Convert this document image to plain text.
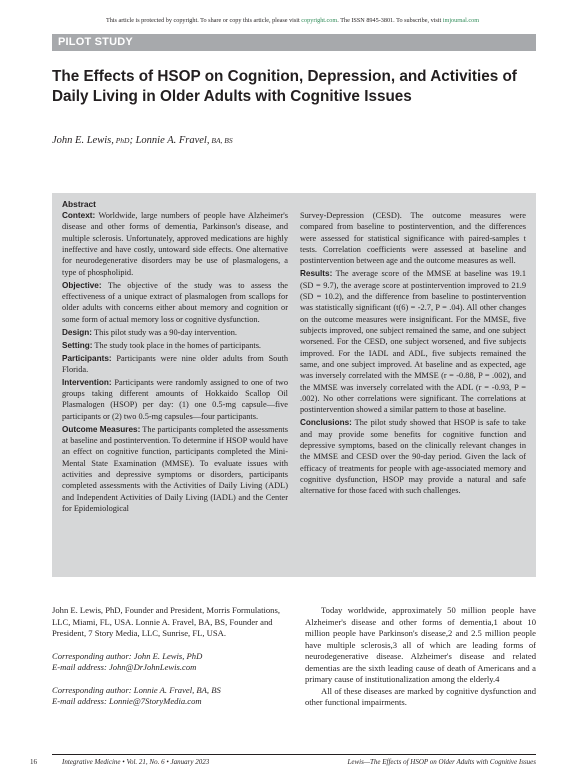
This article is protected by copyright. To share or copy this article, please visit copyright.com. The ISSN 8945-3801. To subscribe, visit imjournal.com
PILOT STUDY
The Effects of HSOP on Cognition, Depression, and Activities of Daily Living in Older Adults with Cognitive Issues
John E. Lewis, PhD; Lonnie A. Fravel, BA, BS
Abstract

Context: Worldwide, large numbers of people have Alzheimer's disease and other forms of dementia, Parkinson's disease, and multiple sclerosis. Unfortunately, approved medications are highly ineffective and have costly, untoward side effects. One alternative for neurodegenerative disorders may be use of plasmalogens, a type of phospholipid.

Objective: The objective of the study was to assess the effectiveness of a unique extract of plasmalogen from scallops for older adults with concerns either about memory and cognition or some form of actual memory loss or cognitive dysfunction.

Design: This pilot study was a 90-day intervention.

Setting: The study took place in the homes of participants.

Participants: Participants were nine older adults from South Florida.

Intervention: Participants were randomly assigned to one of two groups taking different amounts of Hokkaido Scallop Oil Plasmalogen (HSOP) per day: (1) one 0.5-mg capsule—five participants or (2) two 0.5-mg capsules—four participants.

Outcome Measures: The participants completed the assessments at baseline and postintervention. To determine if HSOP would have an effect on cognitive function, participants completed the Mini-Mental State Examination (MMSE). To evaluate issues with activities and depressive symptoms or disorders, participants completed assessments with the Activities of Daily Living (ADL) and Independent Activities of Daily Living (IADL) and the Center for Epidemiological

Survey-Depression (CESD). The outcome measures were compared from baseline to postintervention, and the differences were assessed for statistical significance with paired-samples t tests. Correlation coefficients were assessed at baseline and postintervention between age and the outcome measures as well.

Results: The average score of the MMSE at baseline was 19.1 (SD = 9.7), the average score at postintervention improved to 21.9 (SD = 10.2), and the difference from baseline to postintervention was statistically significant (t(6) = -2.7, P = .04). All other changes on the outcome measures were insignificant. For the MMSE, five subjects improved, one subject remained the same, and one subject worsened. For the CESD, one subject worsened, and five subjects improved. For the IADL and ADL, five subjects remained the same, and one subject improved. At baseline and as expected, age was inversely correlated with the MMSE (r = -0.88, P = .002), and the MMSE was inversely correlated with the ADL (r = -0.93, P = .002). No other correlations were significant. The correlations at postintervention showed a similar pattern to those at baseline.

Conclusions: The pilot study showed that HSOP is safe to take and may provide some benefits for cognitive function and depressive symptoms, based on the clinically relevant changes in the MMSE and CESD over the 90-day period. Given the lack of efficacy of treatments for people with age-associated memory and cognitive dysfunction, HSOP may provide a natural and safe alternative for those faced with such challenges.

John E. Lewis, PhD, Founder and President, Morris Formulations, LLC, Miami, FL, USA. Lonnie A. Fravel, BA, BS, Founder and President, 7 Story Media, LLC, Sunrise, FL, USA.

Corresponding author: John E. Lewis, PhD
E-mail address: John@DrJohnLewis.com

Corresponding author: Lonnie A. Fravel, BA, BS
E-mail address: Lonnie@7StoryMedia.com

Today worldwide, approximately 50 million people have Alzheimer's disease and other forms of dementia,1 about 10 million people have Parkinson's disease,2 and 2.5 million people have multiple sclerosis,3 all of which are leading forms of neurodegenerative disease. Alzheimer's disease and related dementias are the sixth leading cause of death of Americans and a primary cause of institutionalization among the elderly.4

All of these diseases are marked by cognitive dysfunction and other functional impairments.

16	Integrative Medicine • Vol. 21, No. 6 • January 2023	Lewis—The Effects of HSOP on Older Adults with Cognitive Issues
